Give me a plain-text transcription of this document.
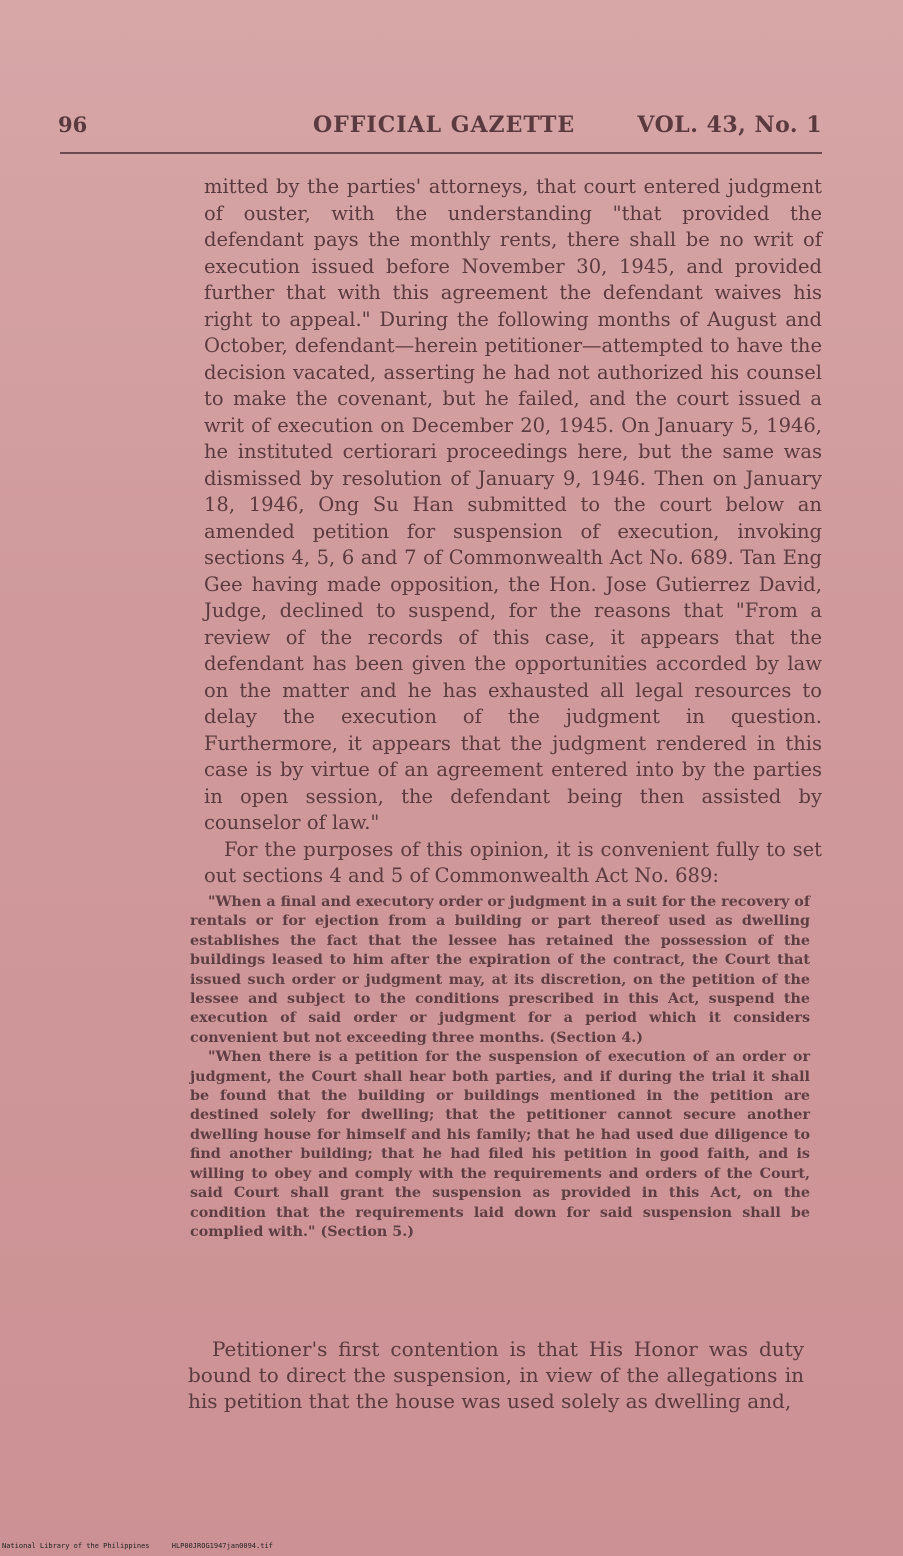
96	OFFICIAL GAZETTE	VOL. 43, No. 1

mitted by the parties' attorneys, that court entered judgment of ouster, with the understanding "that provided the defendant pays the monthly rents, there shall be no writ of execution issued before November 30, 1945, and provided further that with this agreement the defendant waives his right to appeal." During the following months of August and October, defendant—herein petitioner—attempted to have the decision vacated, asserting he had not authorized his counsel to make the covenant, but he failed, and the court issued a writ of execution on December 20, 1945. On January 5, 1946, he instituted certiorari proceedings here, but the same was dismissed by resolution of January 9, 1946. Then on January 18, 1946, Ong Su Han submitted to the court below an amended petition for suspension of execution, invoking sections 4, 5, 6 and 7 of Commonwealth Act No. 689. Tan Eng Gee having made opposition, the Hon. Jose Gutierrez David, Judge, declined to suspend, for the reasons that "From a review of the records of this case, it appears that the defendant has been given the opportunities accorded by law on the matter and he has exhausted all legal resources to delay the execution of the judgment in question. Furthermore, it appears that the judgment rendered in this case is by virtue of an agreement entered into by the parties in open session, the defendant being then assisted by counselor of law."

For the purposes of this opinion, it is convenient fully to set out sections 4 and 5 of Commonwealth Act No. 689:

"When a final and executory order or judgment in a suit for the recovery of rentals or for ejection from a building or part thereof used as dwelling establishes the fact that the lessee has retained the possession of the buildings leased to him after the expiration of the contract, the Court that issued such order or judgment may, at its discretion, on the petition of the lessee and subject to the conditions prescribed in this Act, suspend the execution of said order or judgment for a period which it considers convenient but not exceeding three months. (Section 4.)

"When there is a petition for the suspension of execution of an order or judgment, the Court shall hear both parties, and if during the trial it shall be found that the building or buildings mentioned in the petition are destined solely for dwelling; that the petitioner cannot secure another dwelling house for himself and his family; that he had used due diligence to find another building; that he had filed his petition in good faith, and is willing to obey and comply with the requirements and orders of the Court, said Court shall grant the suspension as provided in this Act, on the condition that the requirements laid down for said suspension shall be complied with." (Section 5.)

Petitioner's first contention is that His Honor was duty bound to direct the suspension, in view of the allegations in his petition that the house was used solely as dwelling and,

National Library of the Philippines	HLP00JROG1947jan0094.tif
